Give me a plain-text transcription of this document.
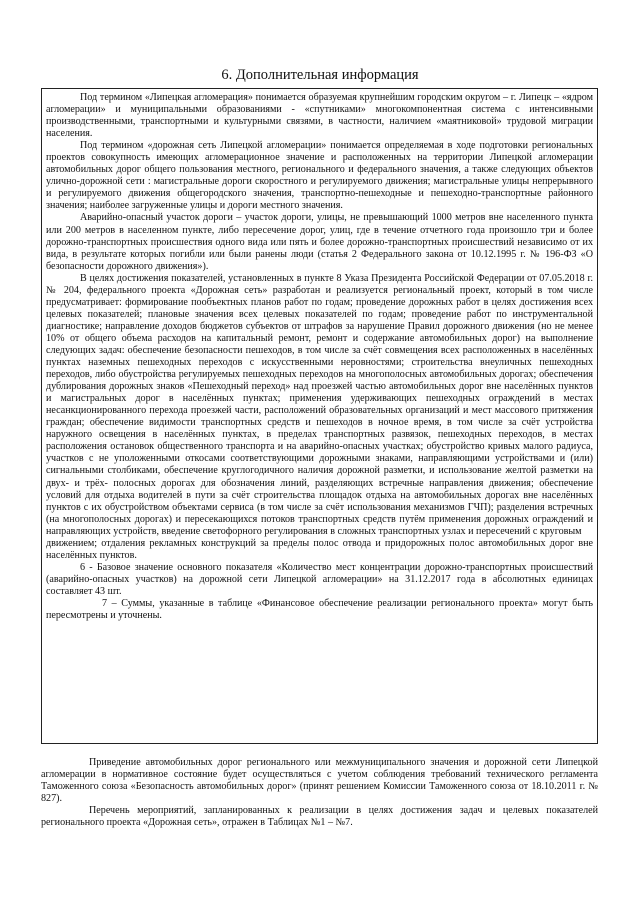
6. Дополнительная информация

Под термином «Липецкая агломерация» понимается образуемая крупнейшим городским округом – г. Липецк – «ядром агломерации» и муниципальными образованиями - «спутниками» многокомпонентная система с интенсивными производственными, транспортными и культурными связями, в частности, наличием «маятниковой» трудовой миграции населения.

Под термином «дорожная сеть Липецкой агломерации» понимается определяемая в ходе подготовки региональных проектов совокупность имеющих агломерационное значение и расположенных на территории Липецкой агломерации автомобильных дорог общего пользования местного, регионального и федерального значения, а также следующих объектов улично-дорожной сети : магистральные дороги скоростного и регулируемого движения; магистральные улицы непрерывного и регулируемого движения общегородского значения, транспортно-пешеходные и пешеходно-транспортные районного значения; наиболее загруженные улицы и дороги местного значения.

Аварийно-опасный участок дороги – участок дороги, улицы, не превышающий 1000 метров вне населенного пункта или 200 метров в населенном пункте, либо пересечение дорог, улиц, где в течение отчетного года произошло три и более дорожно-транспортных происшествия одного вида или пять и более дорожно-транспортных происшествий независимо от их вида, в результате которых погибли или были ранены люди (статья 2 Федерального закона от 10.12.1995 г. № 196-ФЗ «О безопасности дорожного движения»).

В целях достижения показателей, установленных в пункте 8 Указа Президента Российской Федерации от 07.05.2018 г. № 204, федерального проекта «Дорожная сеть» разработан и реализуется региональный проект, который в том числе предусматривает: формирование пообъектных планов работ по годам; проведение дорожных работ в целях достижения всех целевых показателей; плановые значения всех целевых показателей по годам; проведение работ по инструментальной диагностике; направление доходов бюджетов субъектов от штрафов за нарушение Правил дорожного движения (но не менее 10% от общего объема расходов на капитальный ремонт, ремонт и содержание автомобильных дорог) на выполнение следующих задач: обеспечение безопасности пешеходов, в том числе за счёт совмещения всех расположенных в населённых пунктах наземных пешеходных переходов с искусственными неровностями; строительства внеуличных пешеходных переходов, либо обустройства регулируемых пешеходных переходов на многополосных автомобильных дорогах; обеспечения дублирования дорожных знаков «Пешеходный переход» над проезжей частью автомобильных дорог вне населённых пунктов и магистральных дорог в населённых пунктах; применения удерживающих пешеходных ограждений в местах несанкционированного перехода проезжей части, расположений образовательных организаций и мест массового притяжения граждан; обеспечение видимости транспортных средств и пешеходов в ночное время, в том числе за счёт устройства наружного освещения в населённых пунктах, в пределах транспортных развязок, пешеходных переходов, в местах расположения остановок общественного транспорта и на аварийно-опасных участках; обустройство кривых малого радиуса, участков с не уположенными откосами соответствующими дорожными знаками, направляющими устройствами и (или) сигнальными столбиками, обеспечение круглогодичного наличия дорожной разметки, и использование желтой разметки на двух- и трёх- полосных дорогах для обозначения линий, разделяющих встречные направления движения; обеспечение условий для отдыха водителей в пути за счёт строительства площадок отдыха на автомобильных дорогах вне населённых пунктов с их обустройством объектами сервиса (в том числе за счёт использования механизмов ГЧП); разделения встречных (на многополосных дорогах) и пересекающихся потоков транспортных средств путём применения дорожных ограждений и направляющих устройств, введение светофорного регулирования в сложных транспортных узлах и пересечений с круговым

движением; отдаления рекламных конструкций за пределы полос отвода и придорожных полос автомобильных дорог вне населённых пунктов.

6 - Базовое значение основного показателя «Количество мест концентрации дорожно-транспортных происшествий (аварийно-опасных участков) на дорожной сети Липецкой агломерации» на 31.12.2017 года в абсолютных единицах составляет 43 шт.

7 – Суммы, указанные в таблице «Финансовое обеспечение реализации регионального проекта» могут быть пересмотрены и уточнены.

Приведение автомобильных дорог регионального или межмуниципального значения и дорожной сети Липецкой агломерации в нормативное состояние будет осуществляться с учетом соблюдения требований технического регламента Таможенного союза «Безопасность автомобильных дорог» (принят решением Комиссии Таможенного союза от 18.10.2011 г. № 827).

Перечень мероприятий, запланированных к реализации в целях достижения задач и целевых показателей регионального проекта «Дорожная сеть», отражен в Таблицах №1 – №7.
